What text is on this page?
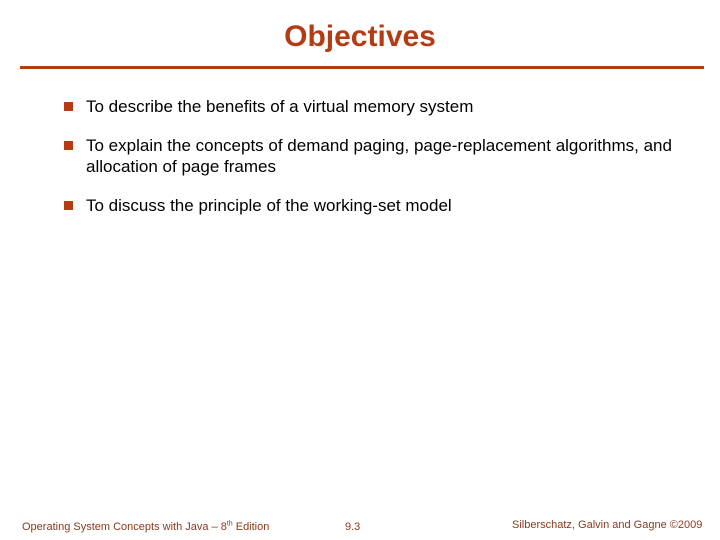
Objectives
To describe the benefits of a virtual memory system
To explain the concepts of demand paging, page-replacement algorithms, and allocation of page frames
To discuss the principle of the working-set model
Operating System Concepts with Java – 8th Edition	9.3	Silberschatz, Galvin and Gagne ©2009
